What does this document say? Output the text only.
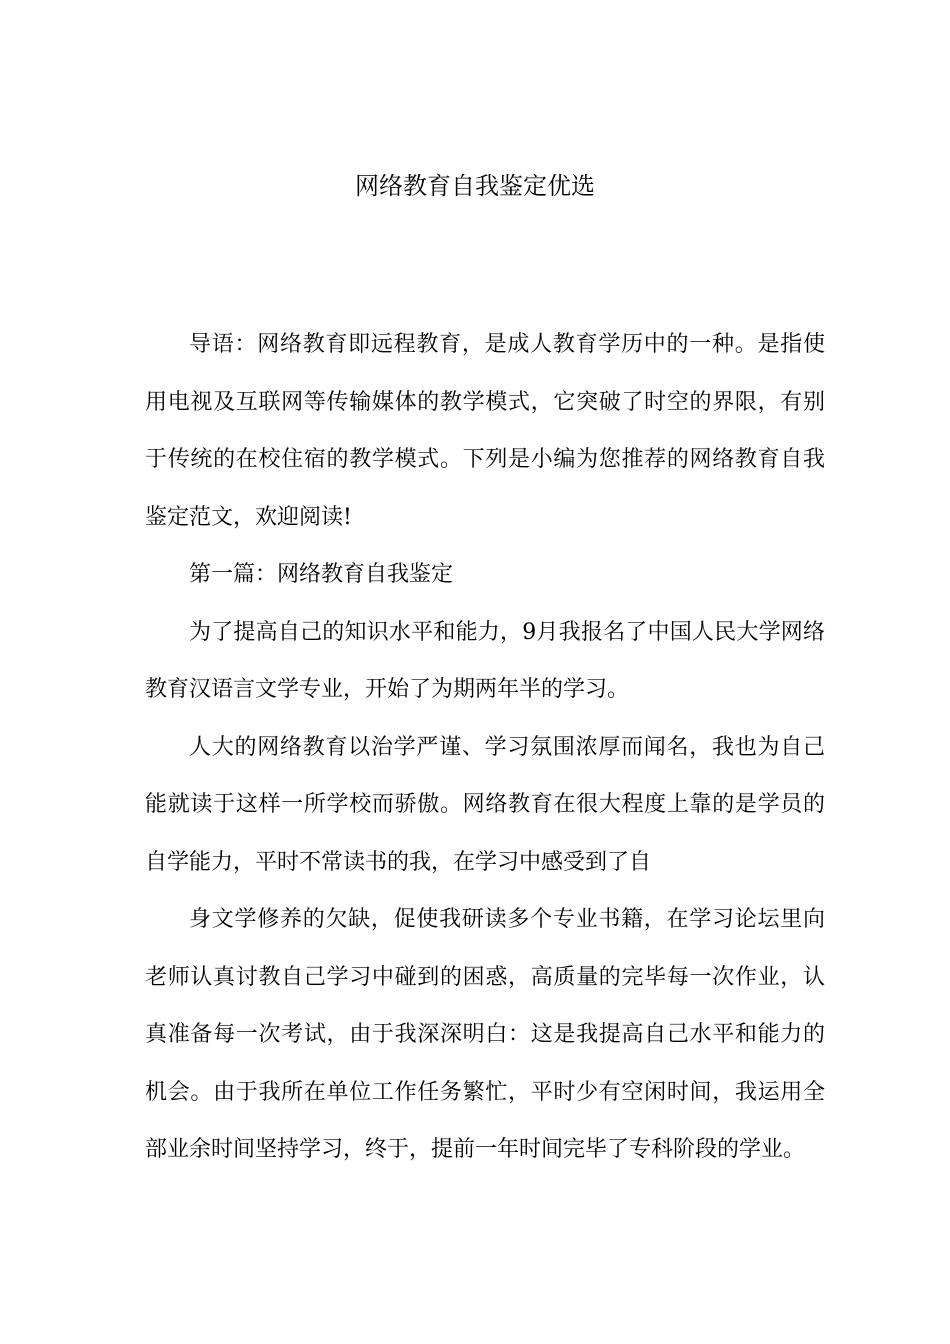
网络教育自我鉴定优选

导语：网络教育即远程教育，是成人教育学历中的一种。是指使用电视及互联网等传输媒体的教学模式，它突破了时空的界限，有别于传统的在校住宿的教学模式。下列是小编为您推荐的网络教育自我鉴定范文，欢迎阅读!

第一篇：网络教育自我鉴定

为了提高自己的知识水平和能力，9月我报名了中国人民大学网络教育汉语言文学专业，开始了为期两年半的学习。

人大的网络教育以治学严谨、学习氛围浓厚而闻名，我也为自己能就读于这样一所学校而骄傲。网络教育在很大程度上靠的是学员的自学能力，平时不常读书的我，在学习中感受到了自

身文学修养的欠缺，促使我研读多个专业书籍，在学习论坛里向老师认真讨教自己学习中碰到的困惑，高质量的完毕每一次作业，认真准备每一次考试，由于我深深明白：这是我提高自己水平和能力的机会。由于我所在单位工作任务繁忙，平时少有空闲时间，我运用全部业余时间坚持学习，终于，提前一年时间完毕了专科阶段的学业。
